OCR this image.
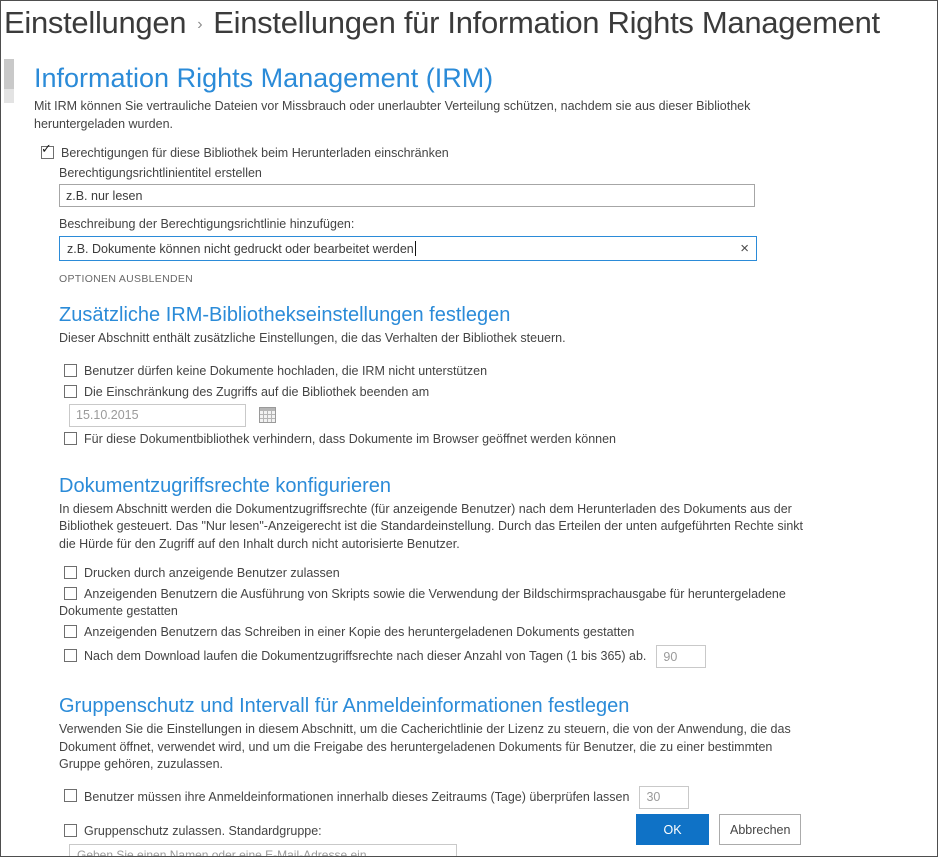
Einstellungen › Einstellungen für Information Rights Management
Information Rights Management (IRM)
Mit IRM können Sie vertrauliche Dateien vor Missbrauch oder unerlaubter Verteilung schützen, nachdem sie aus dieser Bibliothek
heruntergeladen wurden.
✓ Berechtigungen für diese Bibliothek beim Herunterladen einschränken
Berechtigungsrichtlinientitel erstellen
z.B. nur lesen
Beschreibung der Berechtigungsrichtlinie hinzufügen:
z.B. Dokumente können nicht gedruckt oder bearbeitet werden	×
OPTIONEN AUSBLENDEN
Zusätzliche IRM-Bibliothekseinstellungen festlegen
Dieser Abschnitt enthält zusätzliche Einstellungen, die das Verhalten der Bibliothek steuern.
Benutzer dürfen keine Dokumente hochladen, die IRM nicht unterstützen
Die Einschränkung des Zugriffs auf die Bibliothek beenden am
15.10.2015
Für diese Dokumentbibliothek verhindern, dass Dokumente im Browser geöffnet werden können
Dokumentzugriffsrechte konfigurieren
In diesem Abschnitt werden die Dokumentzugriffsrechte (für anzeigende Benutzer) nach dem Herunterladen des Dokuments aus der
Bibliothek gesteuert. Das "Nur lesen"-Anzeigerecht ist die Standardeinstellung. Durch das Erteilen der unten aufgeführten Rechte sinkt
die Hürde für den Zugriff auf den Inhalt durch nicht autorisierte Benutzer.
Drucken durch anzeigende Benutzer zulassen
Anzeigenden Benutzern die Ausführung von Skripts sowie die Verwendung der Bildschirmsprachausgabe für heruntergeladene
Dokumente gestatten
Anzeigenden Benutzern das Schreiben in einer Kopie des heruntergeladenen Dokuments gestatten
Nach dem Download laufen die Dokumentzugriffsrechte nach dieser Anzahl von Tagen (1 bis 365) ab.90
Gruppenschutz und Intervall für Anmeldeinformationen festlegen
Verwenden Sie die Einstellungen in diesem Abschnitt, um die Cacherichtlinie der Lizenz zu steuern, die von der Anwendung, die das
Dokument öffnet, verwendet wird, und um die Freigabe des heruntergeladenen Dokuments für Benutzer, die zu einer bestimmten
Gruppe gehören, zuzulassen.
Benutzer müssen ihre Anmeldeinformationen innerhalb dieses Zeitraums (Tage) überprüfen lassen30
Gruppenschutz zulassen. Standardgruppe:
Geben Sie einen Namen oder eine E-Mail-Adresse ein...	OK	Abbrechen
